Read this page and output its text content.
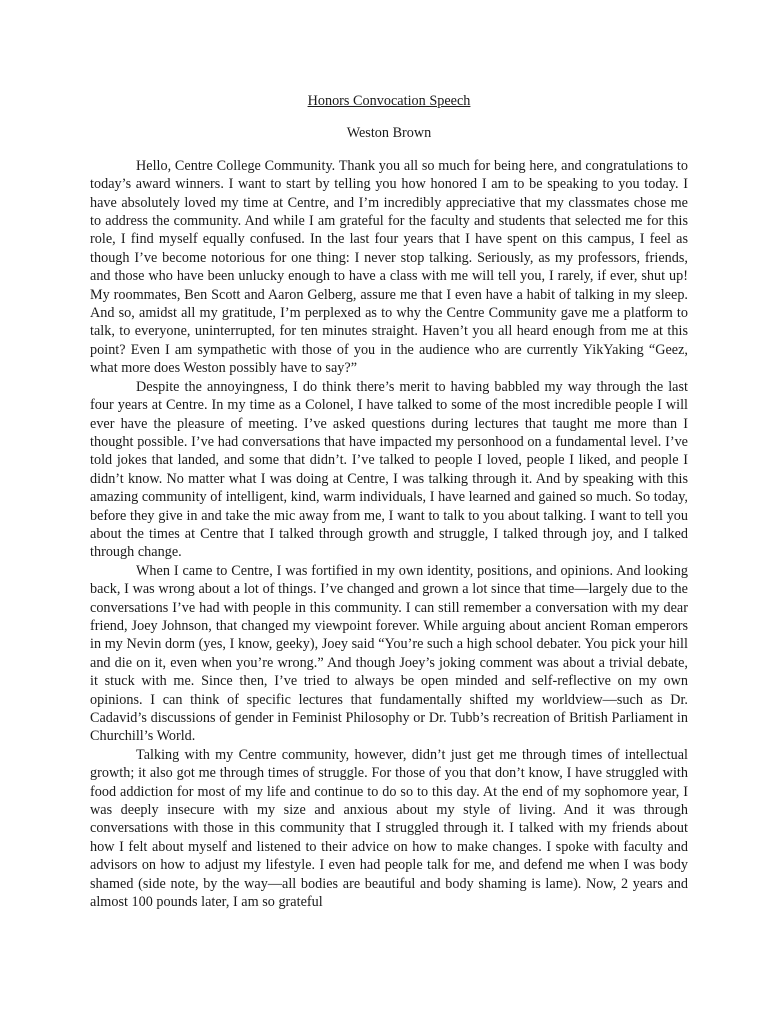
Honors Convocation Speech

Weston Brown

Hello, Centre College Community. Thank you all so much for being here, and congratulations to today’s award winners. I want to start by telling you how honored I am to be speaking to you today. I have absolutely loved my time at Centre, and I’m incredibly appreciative that my classmates chose me to address the community. And while I am grateful for the faculty and students that selected me for this role, I find myself equally confused. In the last four years that I have spent on this campus, I feel as though I’ve become notorious for one thing: I never stop talking. Seriously, as my professors, friends, and those who have been unlucky enough to have a class with me will tell you, I rarely, if ever, shut up! My roommates, Ben Scott and Aaron Gelberg, assure me that I even have a habit of talking in my sleep. And so, amidst all my gratitude, I’m perplexed as to why the Centre Community gave me a platform to talk, to everyone, uninterrupted, for ten minutes straight. Haven’t you all heard enough from me at this point? Even I am sympathetic with those of you in the audience who are currently YikYaking “Geez, what more does Weston possibly have to say?”

Despite the annoyingness, I do think there’s merit to having babbled my way through the last four years at Centre. In my time as a Colonel, I have talked to some of the most incredible people I will ever have the pleasure of meeting. I’ve asked questions during lectures that taught me more than I thought possible. I’ve had conversations that have impacted my personhood on a fundamental level. I’ve told jokes that landed, and some that didn’t. I’ve talked to people I loved, people I liked, and people I didn’t know. No matter what I was doing at Centre, I was talking through it. And by speaking with this amazing community of intelligent, kind, warm individuals, I have learned and gained so much. So today, before they give in and take the mic away from me, I want to talk to you about talking. I want to tell you about the times at Centre that I talked through growth and struggle, I talked through joy, and I talked through change.

When I came to Centre, I was fortified in my own identity, positions, and opinions. And looking back, I was wrong about a lot of things. I’ve changed and grown a lot since that time—largely due to the conversations I’ve had with people in this community. I can still remember a conversation with my dear friend, Joey Johnson, that changed my viewpoint forever. While arguing about ancient Roman emperors in my Nevin dorm (yes, I know, geeky), Joey said “You’re such a high school debater. You pick your hill and die on it, even when you’re wrong.” And though Joey’s joking comment was about a trivial debate, it stuck with me. Since then, I’ve tried to always be open minded and self-reflective on my own opinions. I can think of specific lectures that fundamentally shifted my worldview—such as Dr. Cadavid’s discussions of gender in Feminist Philosophy or Dr. Tubb’s recreation of British Parliament in Churchill’s World.

Talking with my Centre community, however, didn’t just get me through times of intellectual growth; it also got me through times of struggle. For those of you that don’t know, I have struggled with food addiction for most of my life and continue to do so to this day. At the end of my sophomore year, I was deeply insecure with my size and anxious about my style of living. And it was through conversations with those in this community that I struggled through it. I talked with my friends about how I felt about myself and listened to their advice on how to make changes. I spoke with faculty and advisors on how to adjust my lifestyle. I even had people talk for me, and defend me when I was body shamed (side note, by the way—all bodies are beautiful and body shaming is lame). Now, 2 years and almost 100 pounds later, I am so grateful
